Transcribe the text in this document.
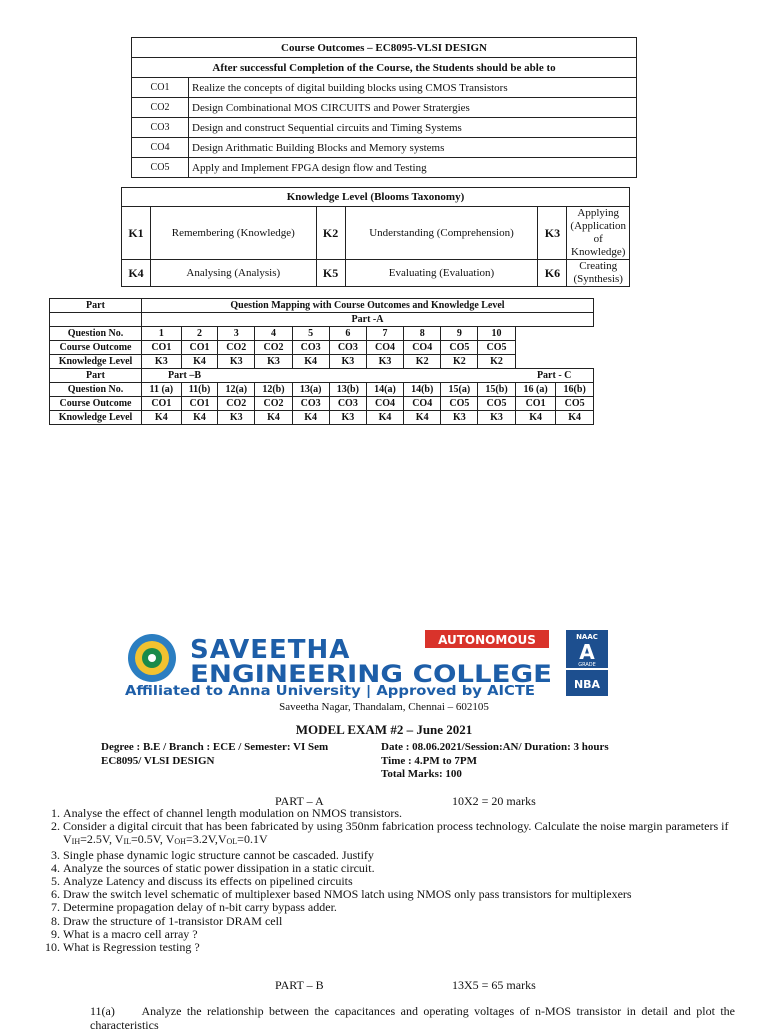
Course Outcomes – EC8095-VLSI DESIGN	
After successful Completion of the Course, the Students should be able to	
CO1	Realize the concepts of digital building blocks using CMOS Transistors
CO2	Design Combinational MOS CIRCUITS and Power Stratergies
CO3	Design and construct Sequential circuits and Timing Systems
CO4	Design Arithmatic Building Blocks and Memory systems
CO5	Apply and Implement FPGA design flow and Testing
Knowledge Level (Blooms Taxonomy)					
K1	Remembering (Knowledge)	K2	Understanding (Comprehension)	K3	Applying (Application of Knowledge)
K4	Analysing (Analysis)	K5	Evaluating (Evaluation)	K6	Creating (Synthesis)
Part	Question Mapping with Course Outcomes and Knowledge Level											
	Part -A											
Question No.	1	2	3	4	5	6	7	8	9	10		
Course Outcome	CO1	CO1	CO2	CO2	CO3	CO3	CO4	CO4	CO5	CO5		
Knowledge Level	K3	K4	K3	K3	K4	K3	K3	K2	K2	K2		
Part	Part –B										Part - C	
Question No.	11 (a)	11(b)	12(a)	12(b)	13(a)	13(b)	14(a)	14(b)	15(a)	15(b)	16 (a)	16(b)
Course Outcome	CO1	CO1	CO2	CO2	CO3	CO3	CO4	CO4	CO5	CO5	CO1	CO5
Knowledge Level	K4	K4	K3	K4	K4	K3	K4	K4	K3	K3	K4	K4
SAVEETHA
ENGINEERING COLLEGE
AUTONOMOUS
Affiliated to Anna University | Approved by AICTE
NAAC
A
GRADE
NBA
Saveetha Nagar, Thandalam, Chennai – 602105
MODEL EXAM #2 – June 2021
Degree : B.E / Branch : ECE / Semester: VI Sem
EC8095/ VLSI DESIGN
Date : 08.06.2021/Session:AN/ Duration: 3 hours
Time : 4.PM to 7PM
Total Marks: 100
PART – A	10X2 = 20 marks
1. Analyse the effect of channel length modulation on NMOS transistors.
2. Consider a digital circuit that has been fabricated by using 350nm fabrication process technology. Calculate the noise margin parameters if
VIH=2.5V, VIL=0.5V, VOH=3.2V,VOL=0.1V
3. Single phase dynamic logic structure cannot be cascaded. Justify
4. Analyze the sources of static power dissipation in a static circuit.
5. Analyze Latency and discuss its effects on pipelined circuits
6. Draw the switch level schematic of multiplexer based NMOS latch using NMOS only pass transistors for multiplexers
7. Determine propagation delay of n-bit carry bypass adder.
8. Draw the structure of 1-transistor DRAM cell
9. What is a macro cell array ?
10. What is Regression testing ?
PART – B	13X5 = 65 marks
11(a) Analyze the relationship between the capacitances and operating voltages of n-MOS transistor in detail and plot the characteristics
